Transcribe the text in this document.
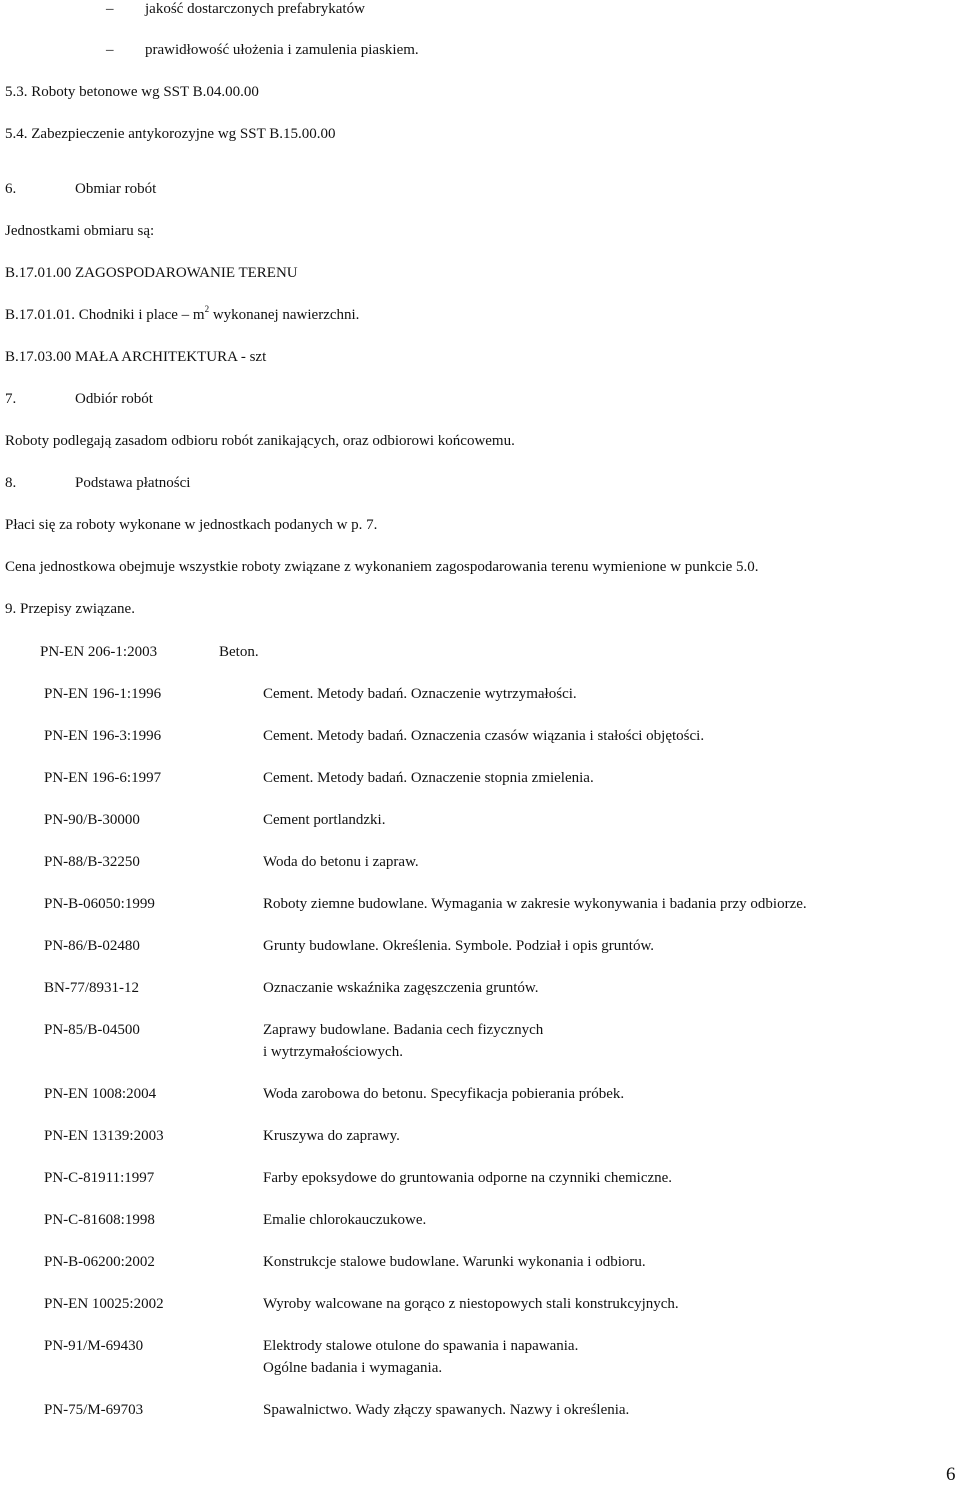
– jakość dostarczonych prefabrykatów
– prawidłowość ułożenia i zamulenia piaskiem.
5.3. Roboty betonowe wg SST B.04.00.00
5.4. Zabezpieczenie antykorozyjne wg SST B.15.00.00
6.	Obmiar robót
Jednostkami obmiaru są:
B.17.01.00 ZAGOSPODAROWANIE TERENU
B.17.01.01. Chodniki i place – $m^2$ wykonanej nawierzchni.
B.17.03.00 MAŁA ARCHITEKTURA - szt
7.	Odbiór robót
Roboty podlegają zasadom odbioru robót zanikających, oraz odbiorowi końcowemu.
8.	Podstawa płatności
Płaci się za roboty wykonane w jednostkach podanych w p. 7.
Cena jednostkowa obejmuje wszystkie roboty związane z wykonaniem zagospodarowania terenu wymienione w punkcie 5.0.
9. Przepisy związane.
PN-EN 206-1:2003	Beton.
PN-EN 196-1:1996	Cement. Metody badań. Oznaczenie wytrzymałości.
PN-EN 196-3:1996	Cement. Metody badań. Oznaczenia czasów wiązania i stałości objętości.
PN-EN 196-6:1997	Cement. Metody badań. Oznaczenie stopnia zmielenia.
PN-90/B-30000	Cement portlandzki.
PN-88/B-32250	Woda do betonu i zapraw.
PN-B-06050:1999	Roboty ziemne budowlane. Wymagania w zakresie wykonywania i badania przy odbiorze.
PN-86/B-02480	Grunty budowlane. Określenia. Symbole. Podział i opis gruntów.
BN-77/8931-12	Oznaczanie wskaźnika zagęszczenia gruntów.
PN-85/B-04500	Zaprawy budowlane. Badania cech fizycznych
i wytrzymałościowych.
PN-EN 1008:2004	Woda zarobowa do betonu. Specyfikacja pobierania próbek.
PN-EN 13139:2003	Kruszywa do zaprawy.
PN-C-81911:1997	Farby epoksydowe do gruntowania odporne na czynniki chemiczne.
PN-C-81608:1998	Emalie chlorokauczukowe.
PN-B-06200:2002	Konstrukcje stalowe budowlane. Warunki wykonania i odbioru.
PN-EN 10025:2002	Wyroby walcowane na gorąco z niestopowych stali konstrukcyjnych.
PN-91/M-69430	Elektrody stalowe otulone do spawania i napawania.
Ogólne badania i wymagania.
PN-75/M-69703	Spawalnictwo. Wady złączy spawanych. Nazwy i określenia.
6
